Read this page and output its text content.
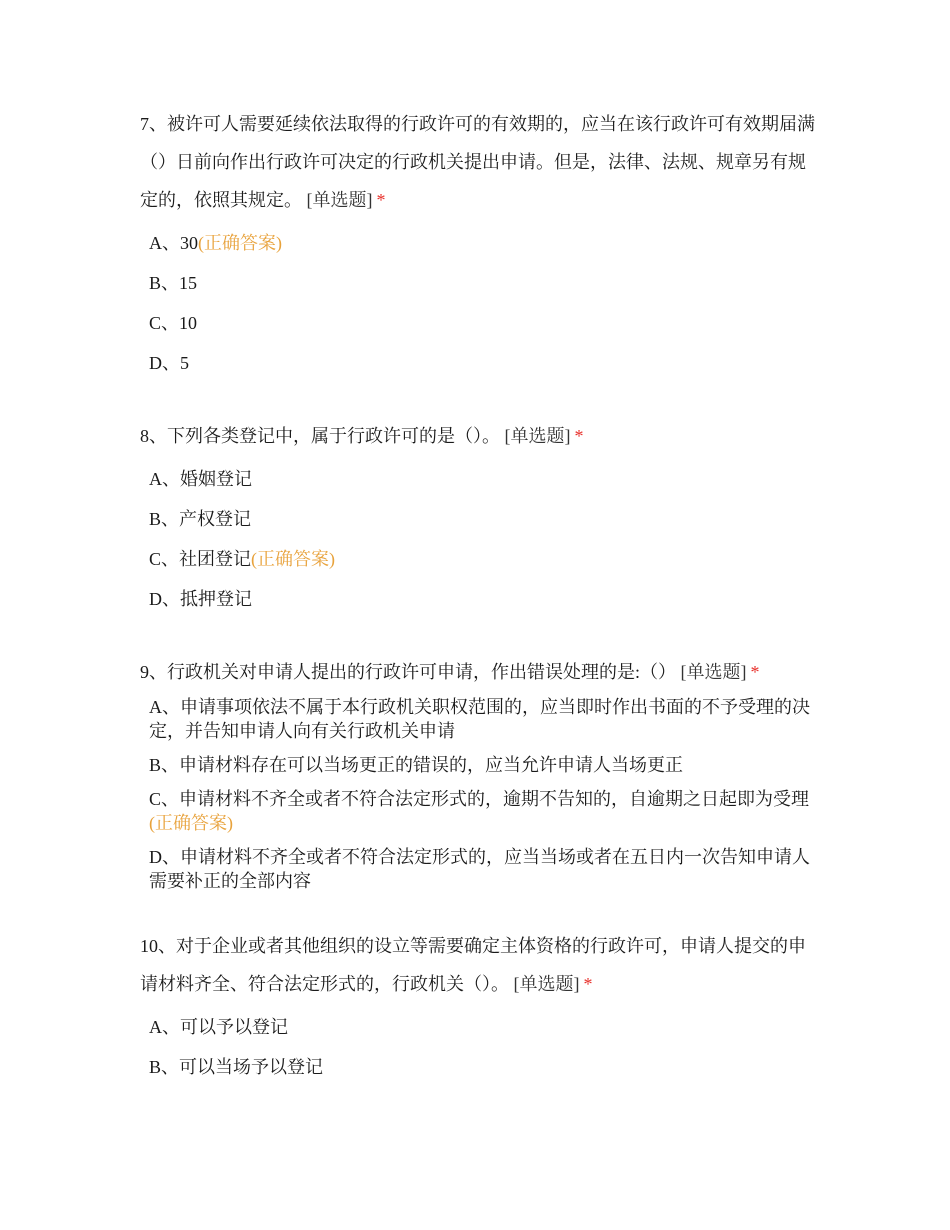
7、被许可人需要延续依法取得的行政许可的有效期的，应当在该行政许可有效期届满（）日前向作出行政许可决定的行政机关提出申请。但是，法律、法规、规章另有规定的，依照其规定。 [单选题] *

A、30(正确答案)
B、15
C、10
D、5

8、下列各类登记中，属于行政许可的是（）。 [单选题] *

A、婚姻登记
B、产权登记
C、社团登记(正确答案)
D、抵押登记

9、行政机关对申请人提出的行政许可申请，作出错误处理的是:（） [单选题] *

A、申请事项依法不属于本行政机关职权范围的，应当即时作出书面的不予受理的决定，并告知申请人向有关行政机关申请
B、申请材料存在可以当场更正的错误的，应当允许申请人当场更正
C、申请材料不齐全或者不符合法定形式的，逾期不告知的，自逾期之日起即为受理(正确答案)
D、申请材料不齐全或者不符合法定形式的，应当当场或者在五日内一次告知申请人需要补正的全部内容

10、对于企业或者其他组织的设立等需要确定主体资格的行政许可，申请人提交的申请材料齐全、符合法定形式的，行政机关（）。 [单选题] *

A、可以予以登记
B、可以当场予以登记
